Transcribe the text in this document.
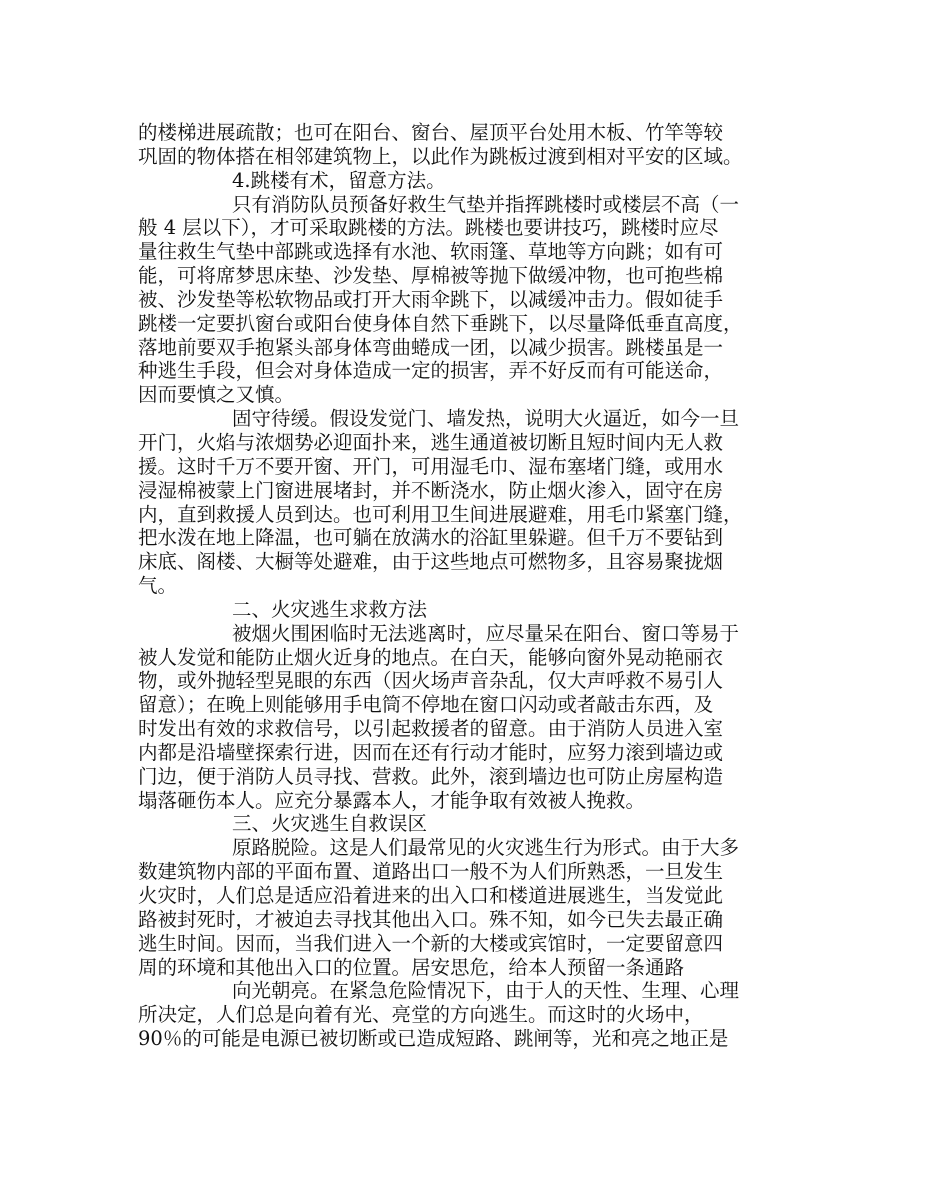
的楼梯进展疏散；也可在阳台、窗台、屋顶平台处用木板、竹竿等较
巩固的物体搭在相邻建筑物上，以此作为跳板过渡到相对平安的区域。
4.跳楼有术，留意方法。
只有消防队员预备好救生气垫并指挥跳楼时或楼层不高（一
般 4 层以下），才可采取跳楼的方法。跳楼也要讲技巧，跳楼时应尽
量往救生气垫中部跳或选择有水池、软雨篷、草地等方向跳；如有可
能，可将席梦思床垫、沙发垫、厚棉被等抛下做缓冲物，也可抱些棉
被、沙发垫等松软物品或打开大雨伞跳下，以减缓冲击力。假如徒手
跳楼一定要扒窗台或阳台使身体自然下垂跳下，以尽量降低垂直高度，
落地前要双手抱紧头部身体弯曲蜷成一团，以减少损害。跳楼虽是一
种逃生手段，但会对身体造成一定的损害，弄不好反而有可能送命，
因而要慎之又慎。
固守待缓。假设发觉门、墙发热，说明大火逼近，如今一旦
开门，火焰与浓烟势必迎面扑来，逃生通道被切断且短时间内无人救
援。这时千万不要开窗、开门，可用湿毛巾、湿布塞堵门缝，或用水
浸湿棉被蒙上门窗进展堵封，并不断浇水，防止烟火渗入，固守在房
内，直到救援人员到达。也可利用卫生间进展避难，用毛巾紧塞门缝，
把水泼在地上降温，也可躺在放满水的浴缸里躲避。但千万不要钻到
床底、阁楼、大橱等处避难，由于这些地点可燃物多，且容易聚拢烟
气。
二、火灾逃生求救方法
被烟火围困临时无法逃离时，应尽量呆在阳台、窗口等易于
被人发觉和能防止烟火近身的地点。在白天，能够向窗外晃动艳丽衣
物，或外抛轻型晃眼的东西（因火场声音杂乱，仅大声呼救不易引人
留意）；在晚上则能够用手电筒不停地在窗口闪动或者敲击东西，及
时发出有效的求救信号，以引起救援者的留意。由于消防人员进入室
内都是沿墙壁探索行进，因而在还有行动才能时，应努力滚到墙边或
门边，便于消防人员寻找、营救。此外，滚到墙边也可防止房屋构造
塌落砸伤本人。应充分暴露本人，才能争取有效被人挽救。
三、火灾逃生自救误区
原路脱险。这是人们最常见的火灾逃生行为形式。由于大多
数建筑物内部的平面布置、道路出口一般不为人们所熟悉，一旦发生
火灾时，人们总是适应沿着进来的出入口和楼道进展逃生，当发觉此
路被封死时，才被迫去寻找其他出入口。殊不知，如今已失去最正确
逃生时间。因而，当我们进入一个新的大楼或宾馆时，一定要留意四
周的环境和其他出入口的位置。居安思危，给本人预留一条通路
向光朝亮。在紧急危险情况下，由于人的天性、生理、心理
所决定，人们总是向着有光、亮堂的方向逃生。而这时的火场中，
90％的可能是电源已被切断或已造成短路、跳闸等，光和亮之地正是
